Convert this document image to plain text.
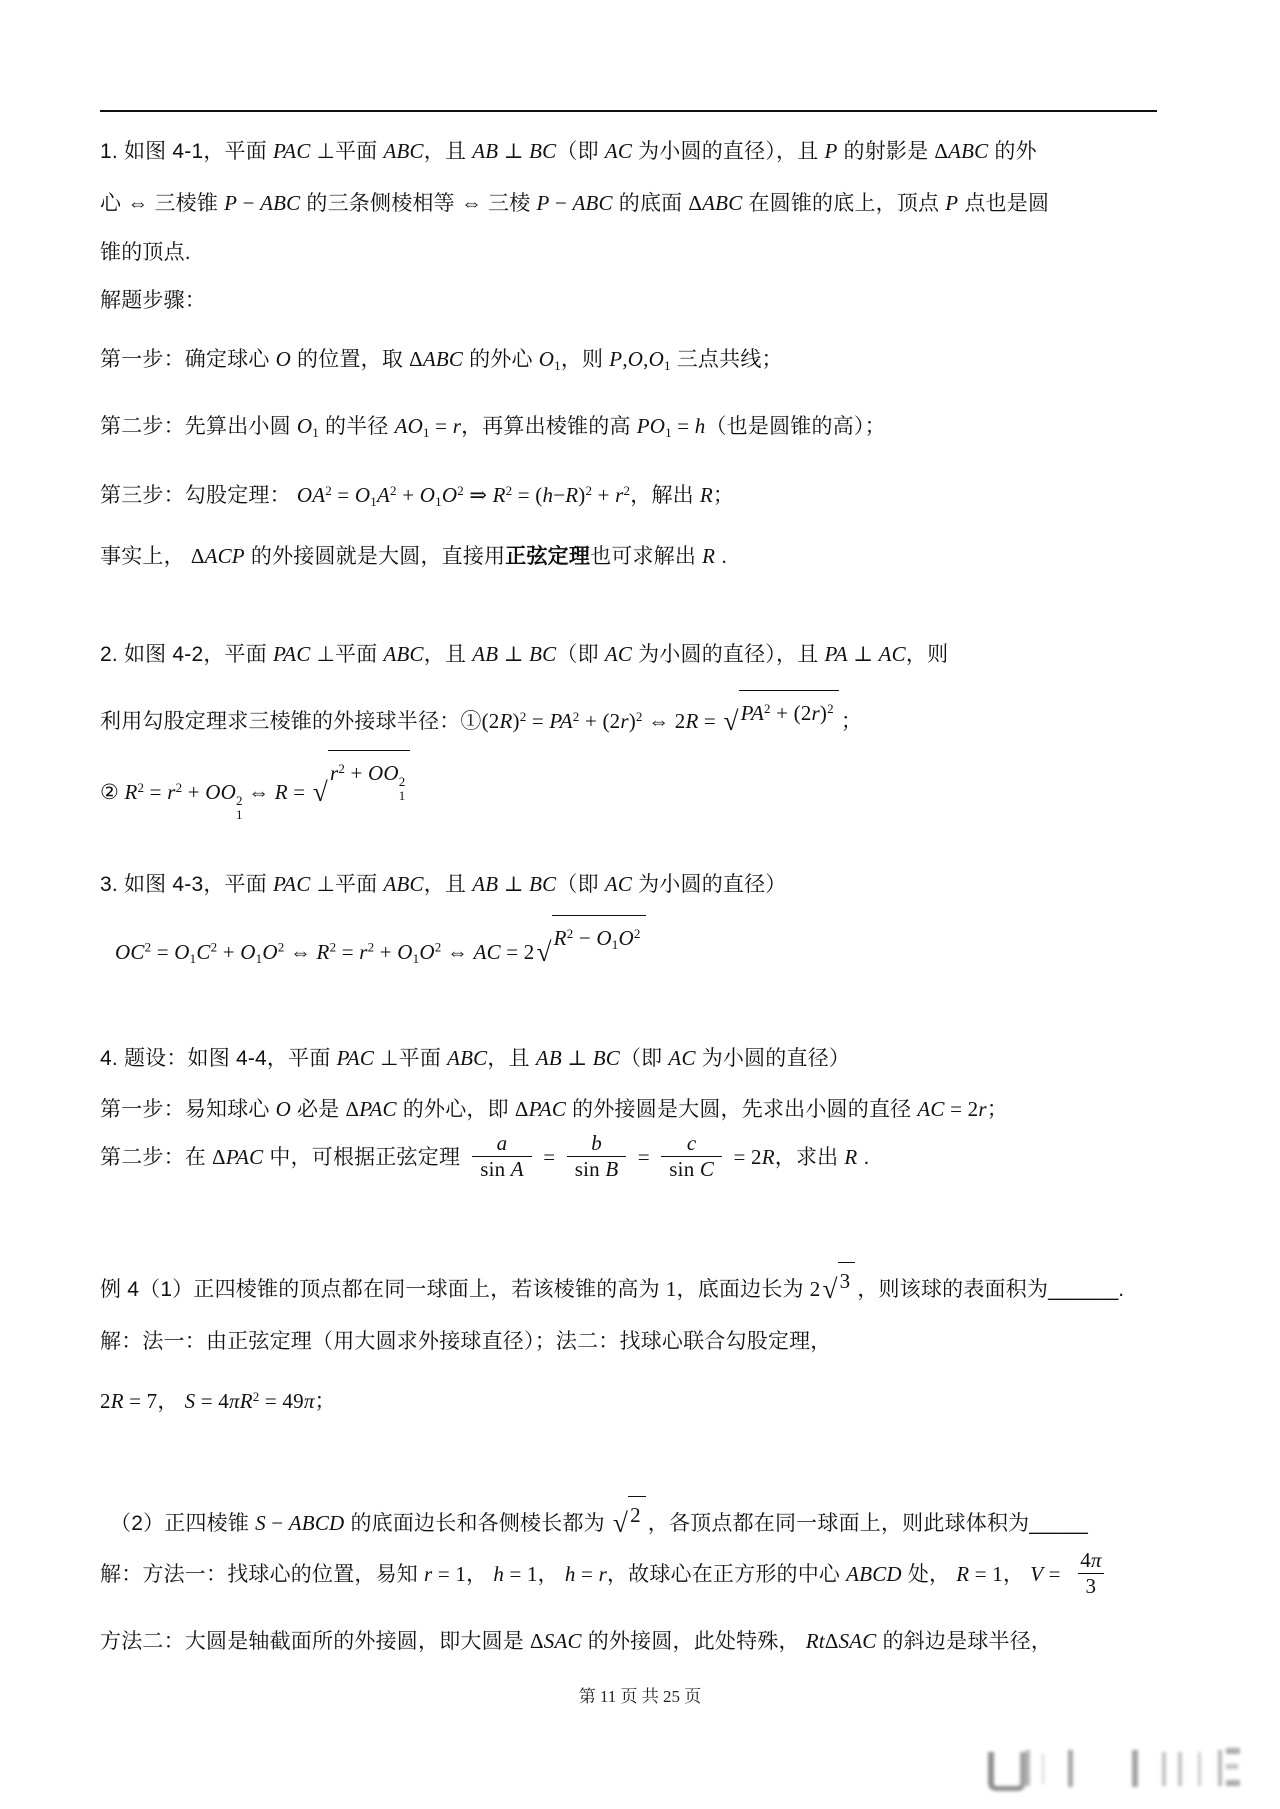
1. 如图 4-1，平面 PAC ⊥平面 ABC，且 AB ⊥ BC（即 AC 为小圆的直径），且 P 的射影是 ΔABC 的外
心 ⇔ 三棱锥 P − ABC 的三条侧棱相等 ⇔ 三棱 P − ABC 的底面 ΔABC 在圆锥的底上，顶点 P 点也是圆
锥的顶点.
解题步骤：
第一步：确定球心 O 的位置，取 ΔABC 的外心 O1，则 P,O,O1 三点共线；
第二步：先算出小圆 O1 的半径 AO1 = r，再算出棱锥的高 PO1 = h（也是圆锥的高）；
第三步：勾股定理： $OA^2 = O1A^2 + O1O^2$ ⇒ $R^2 = (h-R)^2 + r^2$，解出 R；
事实上， ΔACP 的外接圆就是大圆，直接用正弦定理也可求解出 R .
2. 如图 4-2，平面 PAC ⊥平面 ABC，且 AB ⊥ BC（即 AC 为小圆的直径），且 PA ⊥ AC，则
利用勾股定理求三棱锥的外接球半径：$①(2R)^2 = PA^2 + (2r)^2$ ⇔ 2R = √ $PA^2 + (2r)^2$
；
② $R^2 = r^2$ + OO 2
1
⇔ R = √
$r^2$ + OO 2
1
3. 如图 4-3，平面 PAC ⊥平面 ABC，且 AB ⊥ BC（即 AC 为小圆的直径）
$OC^2 = O1C^2 + O1O^2$ ⇔ $R^2 = r^2 + O1O^2$ ⇔ AC = 2 √ $R^2 - O1O^2$
4. 题设：如图 4-4，平面 PAC ⊥平面 ABC，且 AB ⊥ BC（即 AC 为小圆的直径）
第一步：易知球心 O 必是 ΔPAC 的外心，即 ΔPAC 的外接圆是大圆，先求出小圆的直径 AC = 2r；
第二步：在 ΔPAC 中，可根据正弦定理 $\frac{a}{\text{sin A}} = \frac{b}{\text{sin B}} = \frac{c}{\text{sin C}} = 2R$，求出 R .
例 4（1）正四棱锥的顶点都在同一球面上，若该棱锥的高为 1，底面边长为 2 √ 3 ，则该球的表面积为______.
解：法一：由正弦定理（用大圆求外接球直径）；法二：找球心联合勾股定理，
2R = 7， $S = 4\pi R^2 = 49\pi$；
（2）正四棱锥 S − ABCD 的底面边长和各侧棱长都为 √ 2 ，各顶点都在同一球面上，则此球体积为_____
解：方法一：找球心的位置，易知 r = 1， h = 1， h = r，故球心在正方形的中心 ABCD 处， R = 1， $V = \frac{4\pi}{3}$
方法二：大圆是轴截面所的外接圆，即大圆是 ΔSAC 的外接圆，此处特殊， RtΔSAC 的斜边是球半径，
第 11 页 共 25 页
